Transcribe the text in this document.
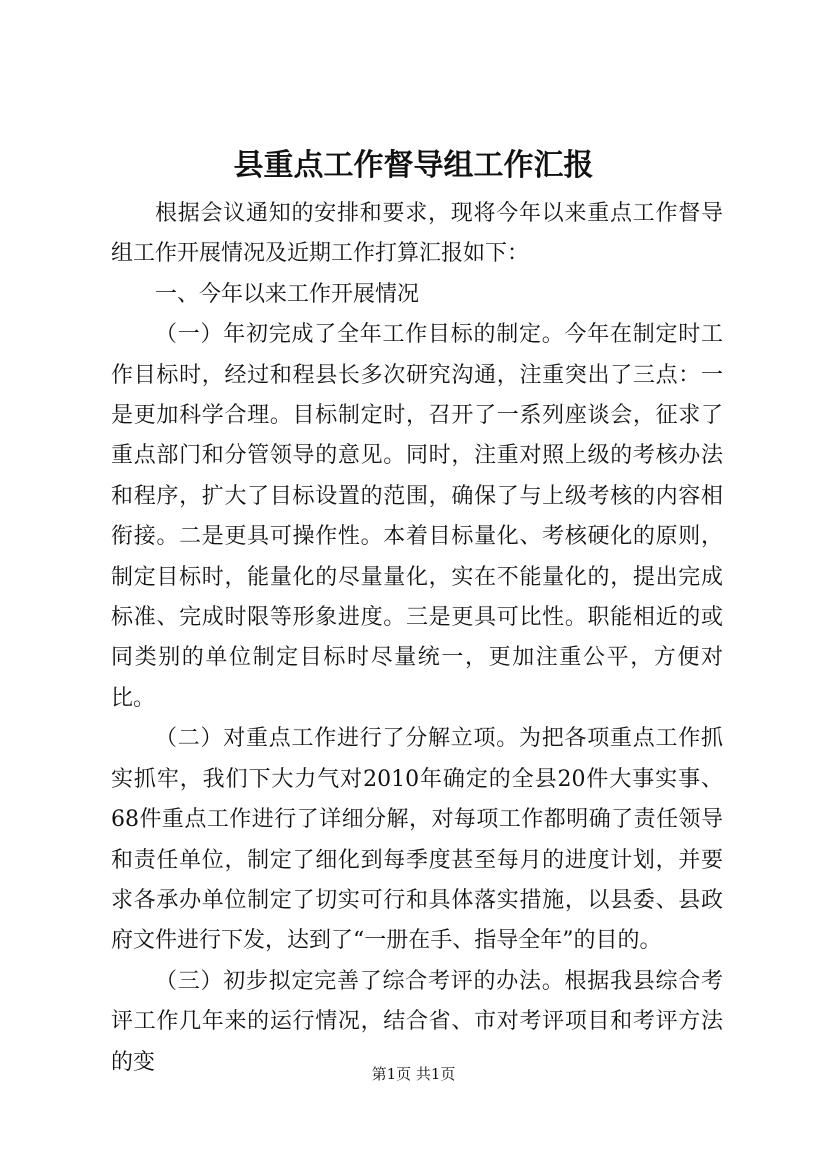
县重点工作督导组工作汇报

根据会议通知的安排和要求，现将今年以来重点工作督导组工作开展情况及近期工作打算汇报如下：

一、今年以来工作开展情况

（一）年初完成了全年工作目标的制定。今年在制定时工作目标时，经过和程县长多次研究沟通，注重突出了三点：一是更加科学合理。目标制定时，召开了一系列座谈会，征求了重点部门和分管领导的意见。同时，注重对照上级的考核办法和程序，扩大了目标设置的范围，确保了与上级考核的内容相衔接。二是更具可操作性。本着目标量化、考核硬化的原则，制定目标时，能量化的尽量量化，实在不能量化的，提出完成标准、完成时限等形象进度。三是更具可比性。职能相近的或同类别的单位制定目标时尽量统一，更加注重公平，方便对比。

（二）对重点工作进行了分解立项。为把各项重点工作抓实抓牢，我们下大力气对2010年确定的全县20件大事实事、68件重点工作进行了详细分解，对每项工作都明确了责任领导和责任单位，制定了细化到每季度甚至每月的进度计划，并要求各承办单位制定了切实可行和具体落实措施，以县委、县政府文件进行下发，达到了“一册在手、指导全年”的目的。

（三）初步拟定完善了综合考评的办法。根据我县综合考评工作几年来的运行情况，结合省、市对考评项目和考评方法的变	第1页 共1页
